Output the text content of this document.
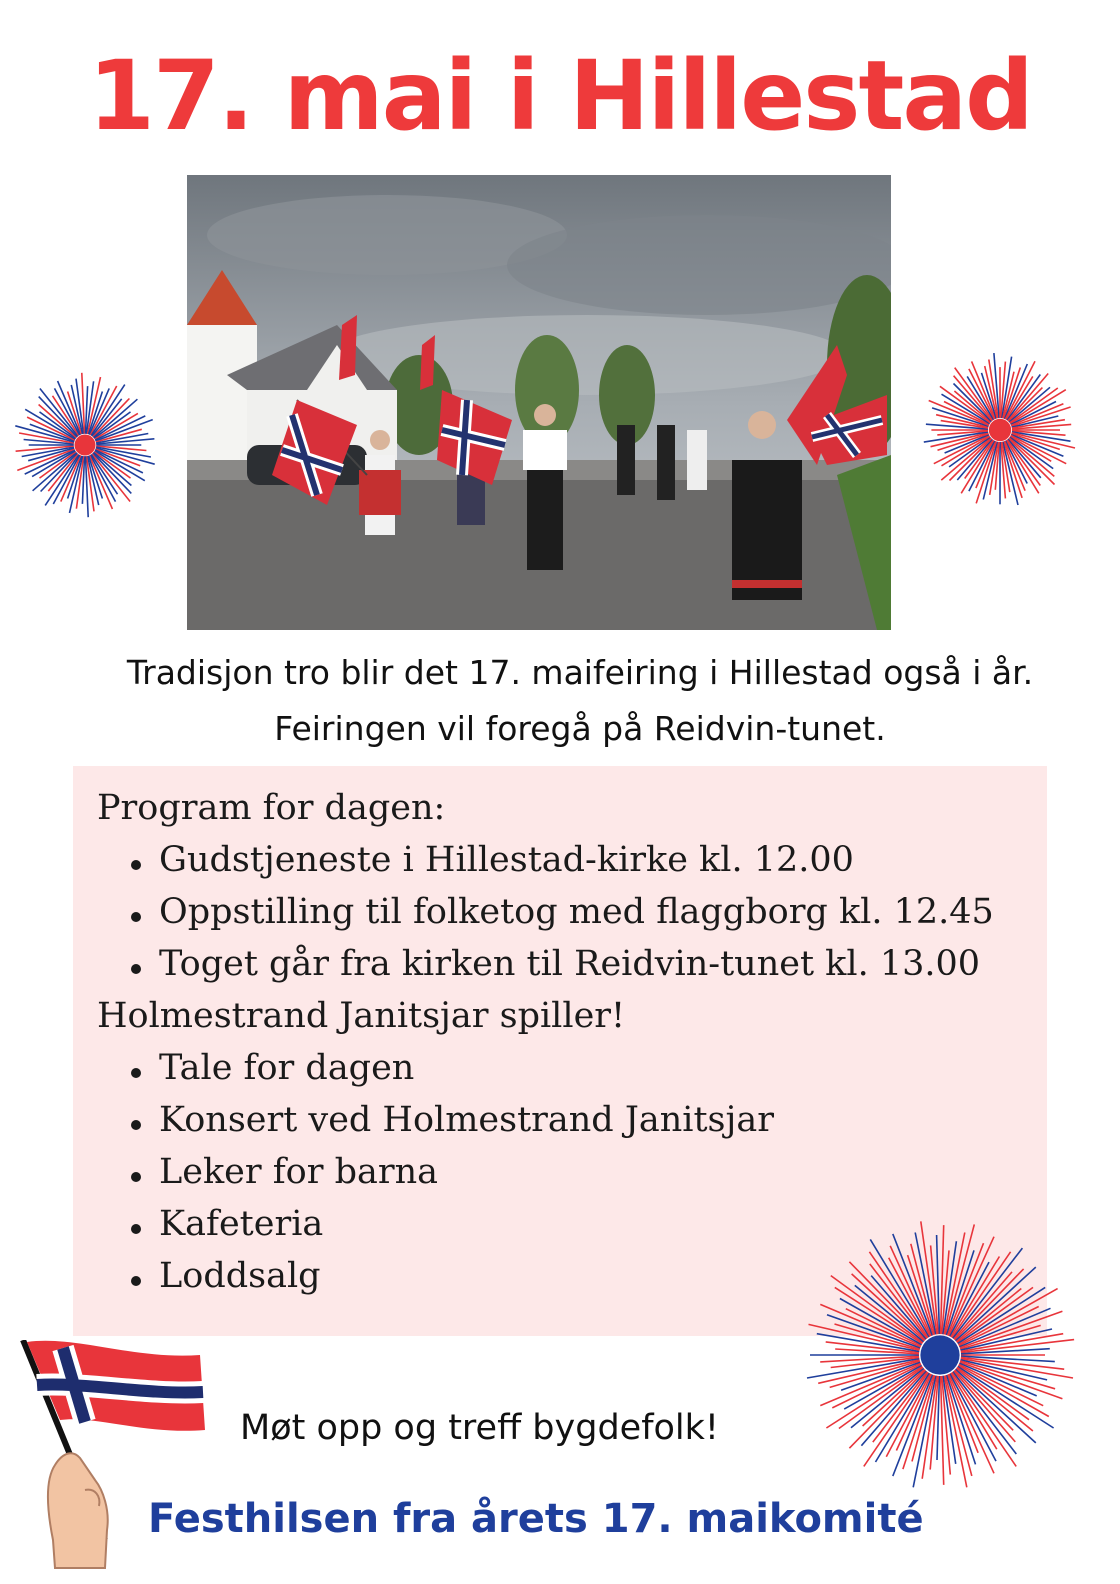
17. mai i Hillestad
Tradisjon tro blir det 17. maifeiring i Hillestad også i år.
Feiringen vil foregå på Reidvin-tunet.
Program for dagen:
Gudstjeneste i Hillestad-kirke kl. 12.00
Oppstilling til folketog med flaggborg kl. 12.45
Toget går fra kirken til Reidvin-tunet kl. 13.00
Holmestrand Janitsjar spiller!
Tale for dagen
Konsert ved Holmestrand Janitsjar
Leker for barna
Kafeteria
Loddsalg
Møt opp og treff bygdefolk!
Festhilsen fra årets 17. maikomité
